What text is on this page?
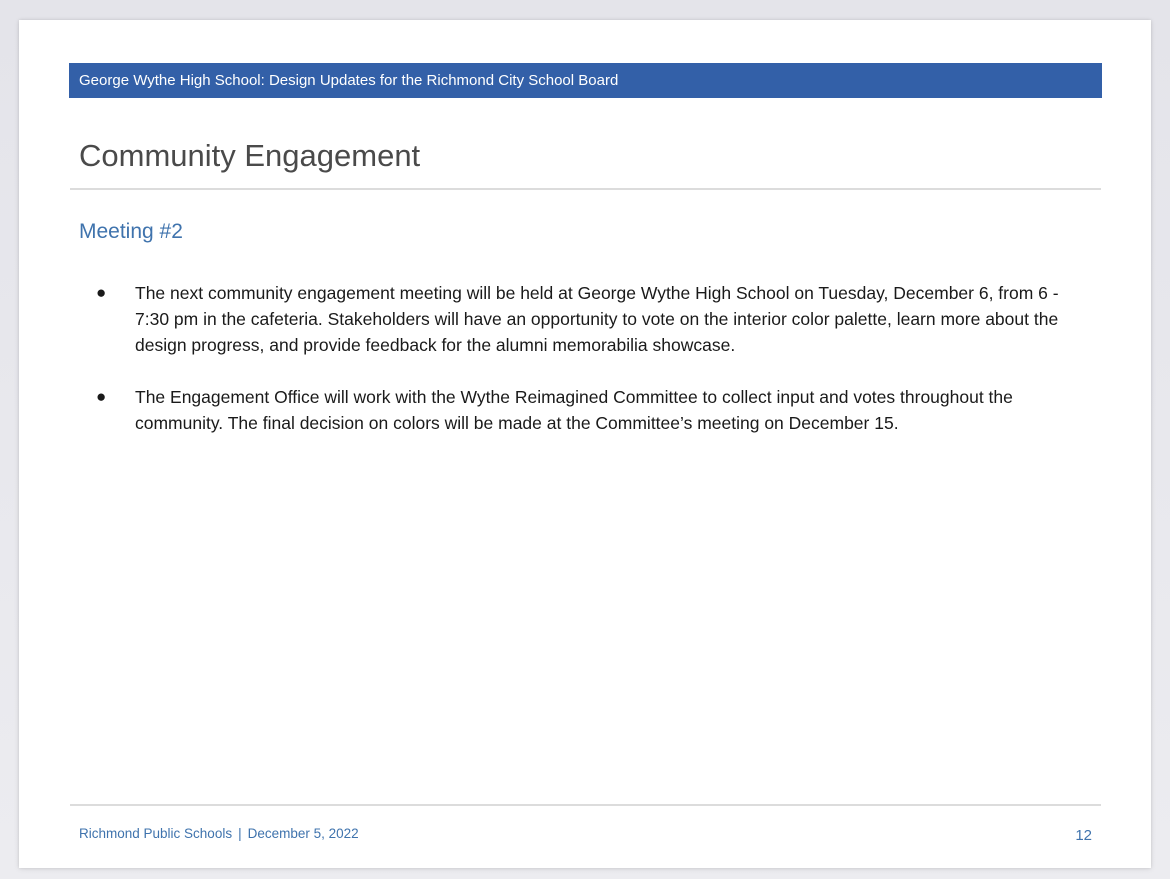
George Wythe High School: Design Updates for the Richmond City School Board
Community Engagement
Meeting #2
● The next community engagement meeting will be held at George Wythe High School on Tuesday, December 6, from 6 - 7:30 pm in the cafeteria. Stakeholders will have an opportunity to vote on the interior color palette, learn more about the design progress, and provide feedback for the alumni memorabilia showcase.
● The Engagement Office will work with the Wythe Reimagined Committee to collect input and votes throughout the community. The final decision on colors will be made at the Committee’s meeting on December 15.
Richmond Public Schools | December 5, 2022	12
